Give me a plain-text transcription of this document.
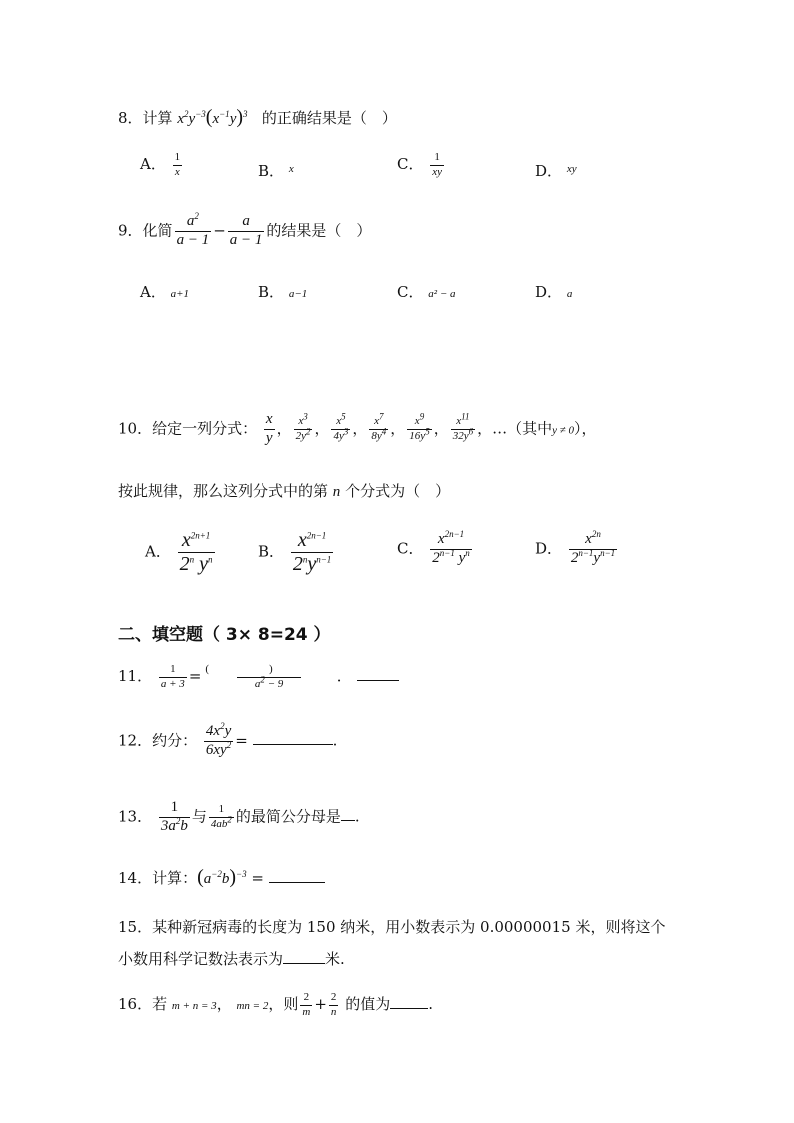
8．计算 $x^2y^{-3}(x^{-1}y)^3$ 的正确结果是（　）
A． $\frac{1}{x}$	B． $^x$	C． $\frac{1}{xy}$	D． $^{xy}$
9．化简 $\frac{a^2}{a - 1} - \frac{a}{a - 1}$ 的结果是（　）
A． a+1	B． a−1	C． a² − a	D． a
10．给定一列分式： $\frac{x}{y}$ ， $\frac{x^3}{2y^2}$ ， $\frac{x^5}{4y^3}$ ， $\frac{x^7}{8y^4}$ ， $\frac{x^9}{16y^5}$ ， $\frac{x^{11}}{32y^6}$ ，…（其中y ≠ 0），
按此规律，那么这列分式中的第 n 个分式为（　）
A． $\frac{x^{2n+1}}{2^n y^n}$	B． $\frac{x^{2n-1}}{2^ny^{n-1}}$	C． $\frac{x^{2n-1}}{2^{n-1} y^n}$	D． $\frac{x^{2n}}{2^{n-1}y^{n-1}}$
二、填空题（ 3× 8=24 ）
11． $\frac{1}{a + 3} = \frac{()}{a^2 - 9}$ ．
12．约分： $\frac{4x^2y}{6xy^2}$ =	.
13． $\frac{1}{3a^2b}$ 与 $\frac{1}{4ab^2}$ 的最简公分母是 .
14．计算：$(a^{-2}b)^{-3}$ =
15．某种新冠病毒的长度为 150 纳米，用小数表示为 0.00000015 米，则将这个
小数用科学记数法表示为	米.
16．若 m + n = 3， mn = 2，则 $\frac{2}{m} + \frac{2}{n}$ 的值为	.
